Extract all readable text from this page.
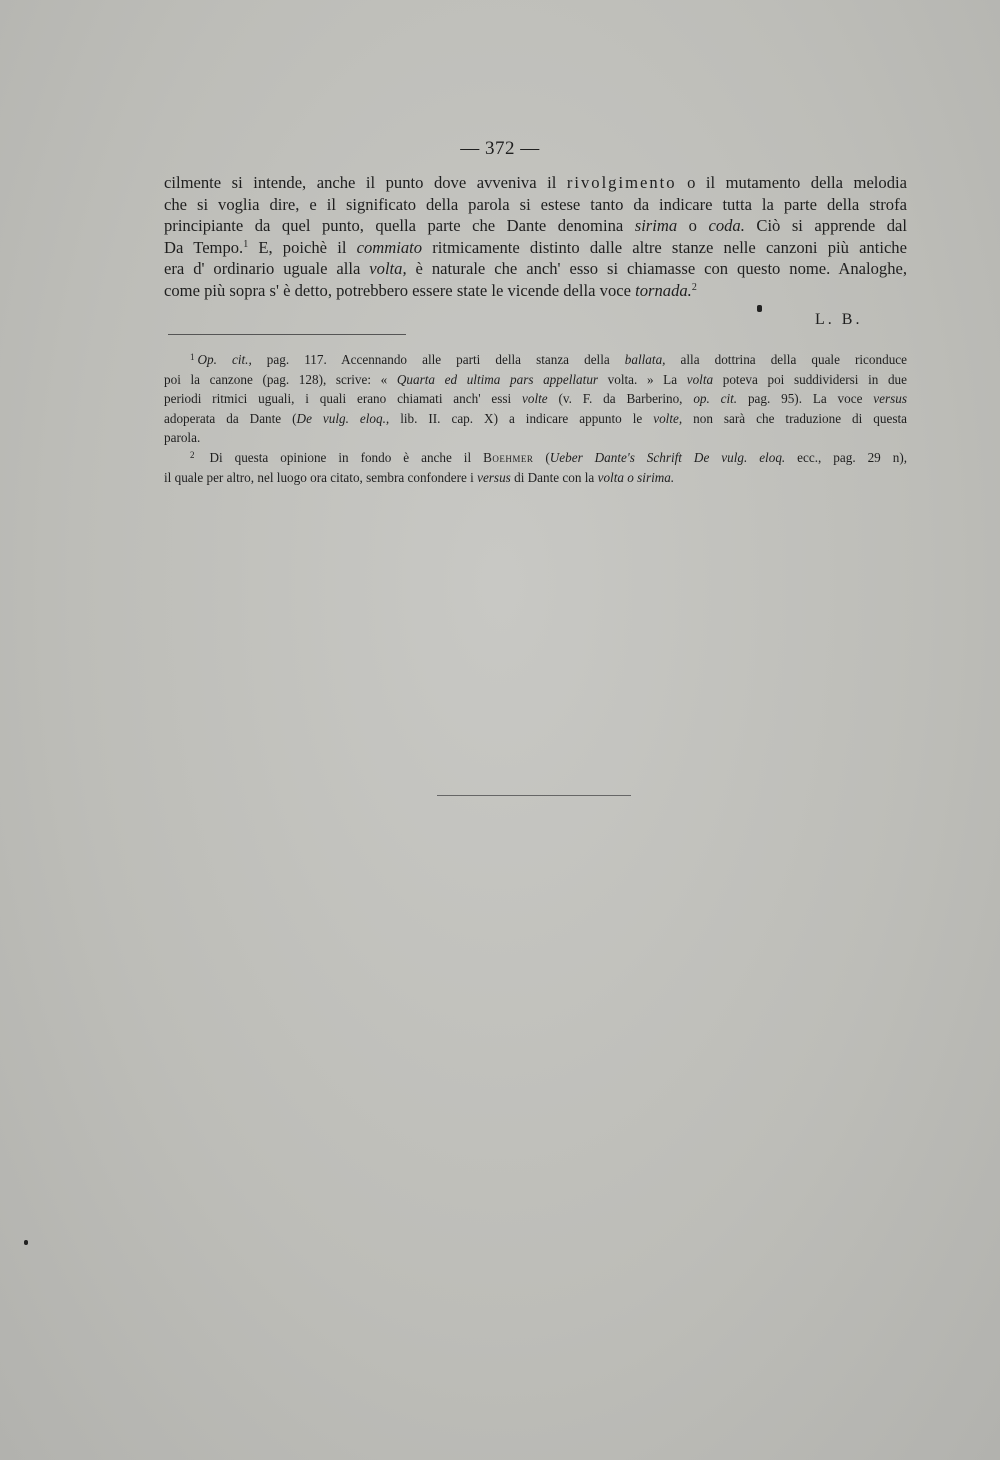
— 372 —
cilmente si intende, anche il punto dove avveniva il rivolgimento o il mutamento della melodia
che si voglia dire, e il significato della parola si estese tanto da indicare tutta la parte della strofa
principiante da quel punto, quella parte che Dante denomina sirima o coda. Ciò si apprende dal
Da Tempo.$^1$ E, poichè il commiato ritmicamente distinto dalle altre stanze nelle canzoni più antiche
era d' ordinario uguale alla volta, è naturale che anch' esso si chiamasse con questo nome. Analoghe,
come più sopra s' è detto, potrebbero essere state le vicende della voce tornada.$^2$
L. B.
$^1$ Op. cit., pag. 117. Accennando alle parti della stanza della ballata, alla dottrina della quale riconduce
poi la canzone (pag. 128), scrive: « Quarta ed ultima pars appellatur volta. » La volta poteva poi suddividersi in due
periodi ritmici uguali, i quali erano chiamati anch' essi volte (v. F. da Barberino, op. cit. pag. 95). La voce versus
adoperata da Dante (De vulg. eloq., lib. II. cap. X) a indicare appunto le volte, non sarà che traduzione di questa
parola.
$^2$ Di questa opinione in fondo è anche il Boehmer (Ueber Dante's Schrift De vulg. eloq. ecc., pag. 29 n),
il quale per altro, nel luogo ora citato, sembra confondere i versus di Dante con la volta o sirima.
